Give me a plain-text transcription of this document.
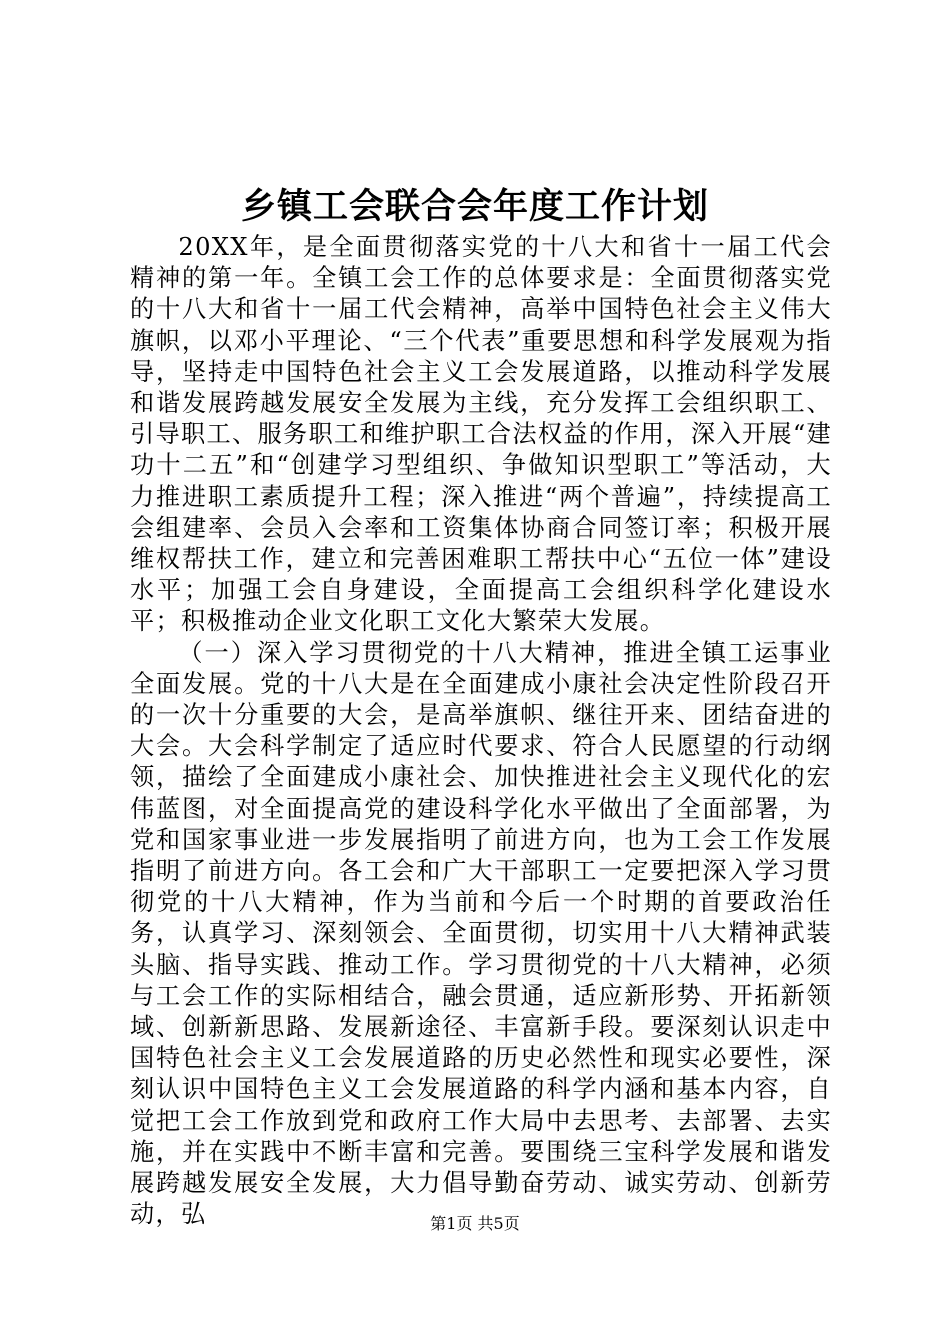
乡镇工会联合会年度工作计划

20XX年，是全面贯彻落实党的十八大和省十一届工代会精神的第一年。全镇工会工作的总体要求是：全面贯彻落实党的十八大和省十一届工代会精神，高举中国特色社会主义伟大旗帜，以邓小平理论、“三个代表”重要思想和科学发展观为指导，坚持走中国特色社会主义工会发展道路，以推动科学发展和谐发展跨越发展安全发展为主线，充分发挥工会组织职工、引导职工、服务职工和维护职工合法权益的作用，深入开展“建功十二五”和“创建学习型组织、争做知识型职工”等活动，大力推进职工素质提升工程；深入推进“两个普遍”，持续提高工会组建率、会员入会率和工资集体协商合同签订率；积极开展维权帮扶工作，建立和完善困难职工帮扶中心“五位一体”建设水平；加强工会自身建设，全面提高工会组织科学化建设水平；积极推动企业文化职工文化大繁荣大发展。

（一）深入学习贯彻党的十八大精神，推进全镇工运事业全面发展。党的十八大是在全面建成小康社会决定性阶段召开的一次十分重要的大会，是高举旗帜、继往开来、团结奋进的大会。大会科学制定了适应时代要求、符合人民愿望的行动纲领，描绘了全面建成小康社会、加快推进社会主义现代化的宏伟蓝图，对全面提高党的建设科学化水平做出了全面部署，为党和国家事业进一步发展指明了前进方向，也为工会工作发展指明了前进方向。各工会和广大干部职工一定要把深入学习贯彻党的十八大精神，作为当前和今后一个时期的首要政治任务，认真学习、深刻领会、全面贯彻，切实用十八大精神武装头脑、指导实践、推动工作。学习贯彻党的十八大精神，必须与工会工作的实际相结合，融会贯通，适应新形势、开拓新领域、创新新思路、发展新途径、丰富新手段。要深刻认识走中国特色社会主义工会发展道路的历史必然性和现实必要性，深刻认识中国特色主义工会发展道路的科学内涵和基本内容，自觉把工会工作放到党和政府工作大局中去思考、去部署、去实施，并在实践中不断丰富和完善。要围绕三宝科学发展和谐发展跨越发展安全发展，大力倡导勤奋劳动、诚实劳动、创新劳动，弘	第1页 共5页
